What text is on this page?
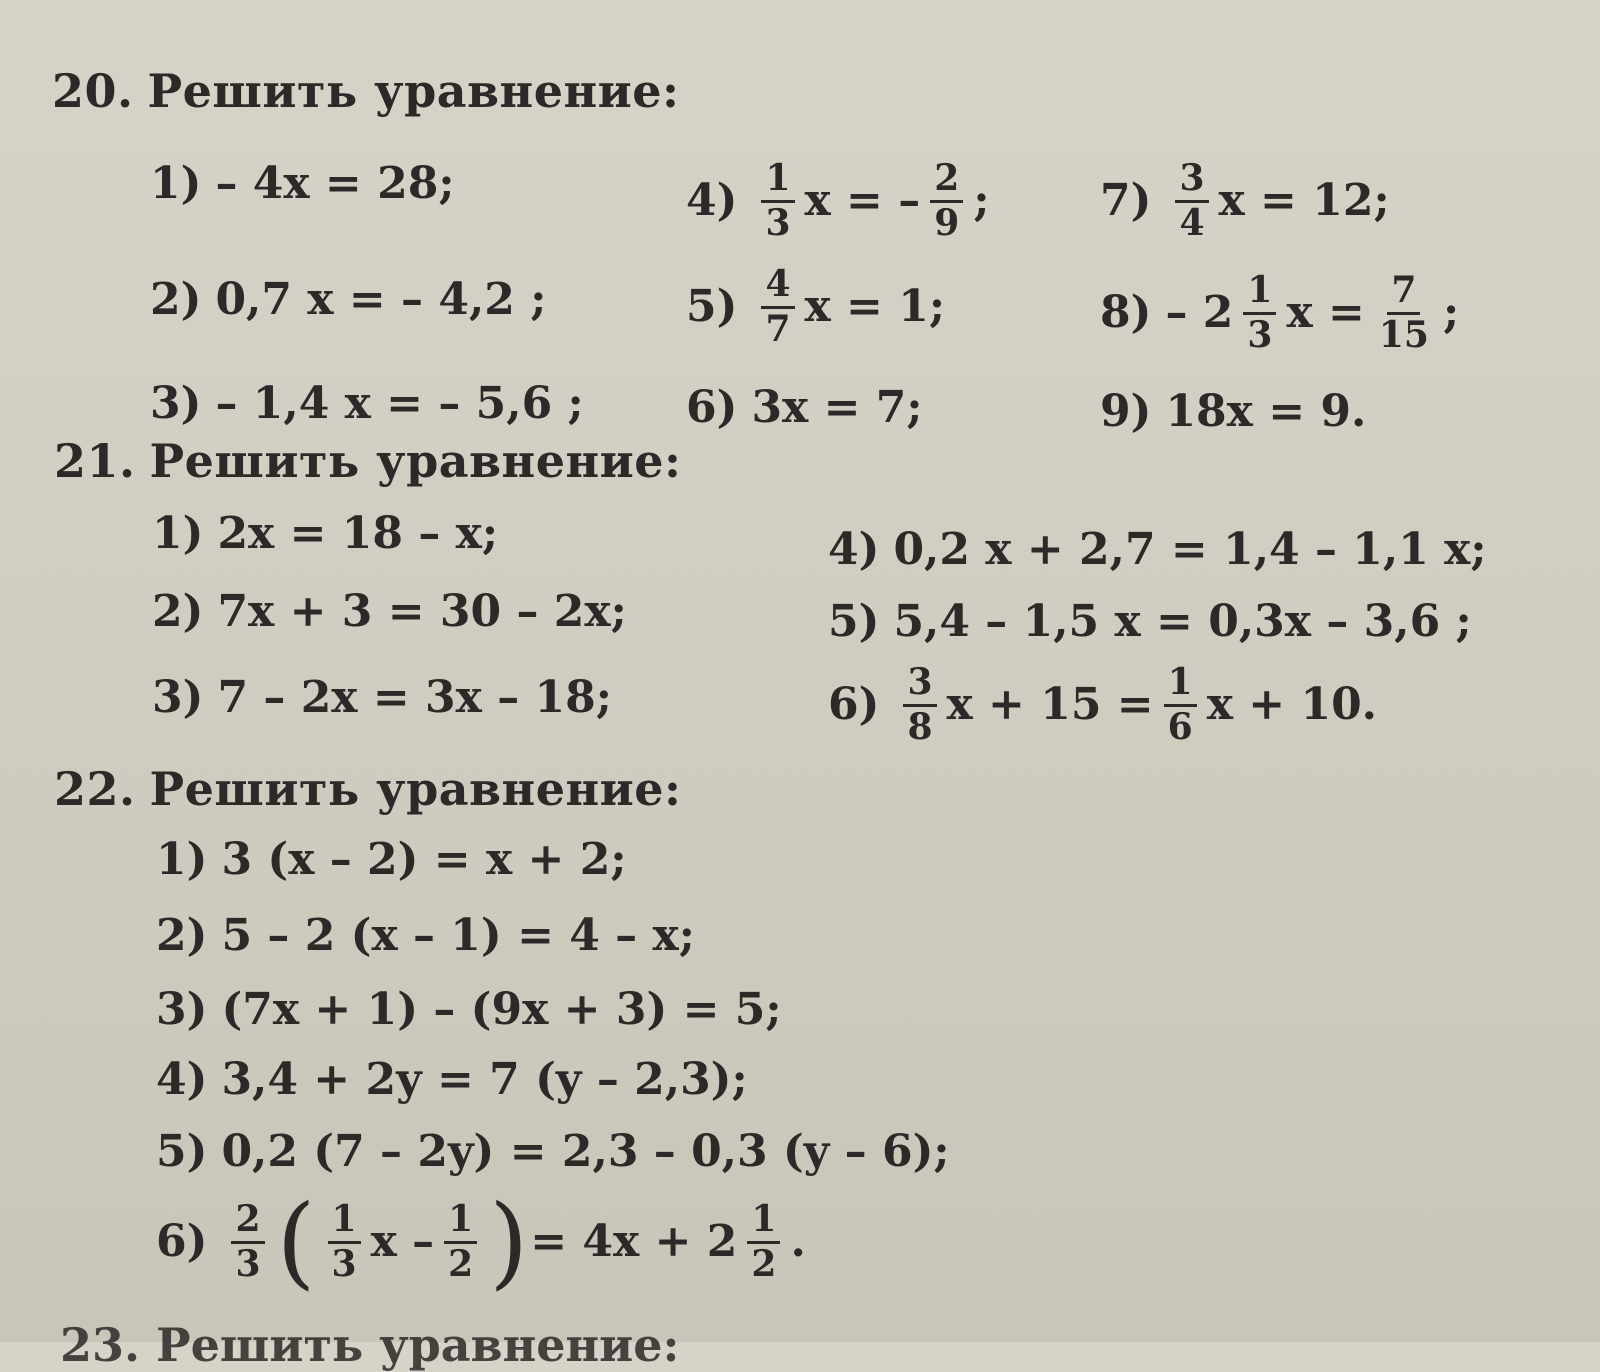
20. Решить уравнение:
1) – 4x = 28;
2) 0,7 x = – 4,2 ;
3) – 1,4 x = – 5,6 ;
$4) \frac{1}{3}$ x = – $\frac{2}{9}$ ;
$5) \frac{4}{7}$ x = 1;
6) 3x = 7;
$7) \frac{3}{4}$ x = 12;
$8) - 2 \frac{1}{3}$ $x = \frac{7}{15}$ ;
9) 18x = 9.
21. Решить уравнение:
1) 2x = 18 – x;
2) 7x + 3 = 30 – 2x;
3) 7 – 2x = 3x – 18;
4) 0,2 x + 2,7 = 1,4 – 1,1 x;
5) 5,4 – 1,5 x = 0,3x – 3,6 ;
$6) \frac{3}{8}$ $x + 15 = \frac{1}{6}$ x + 10.
22. Решить уравнение:
1) 3 (x – 2) = x + 2;
2) 5 – 2 (x – 1) = 4 – x;
3) (7x + 1) – (9x + 3) = 5;
4) 3,4 + 2y = 7 (y – 2,3);
5) 0,2 (7 – 2y) = 2,3 – 0,3 (y – 6);
$6) \frac{2}{3}$ ( $\frac{1}{3}$ x – $\frac{1}{2}$ ) = $4x + 2 \frac{1}{2}$ .
23. Решить уравнение:
